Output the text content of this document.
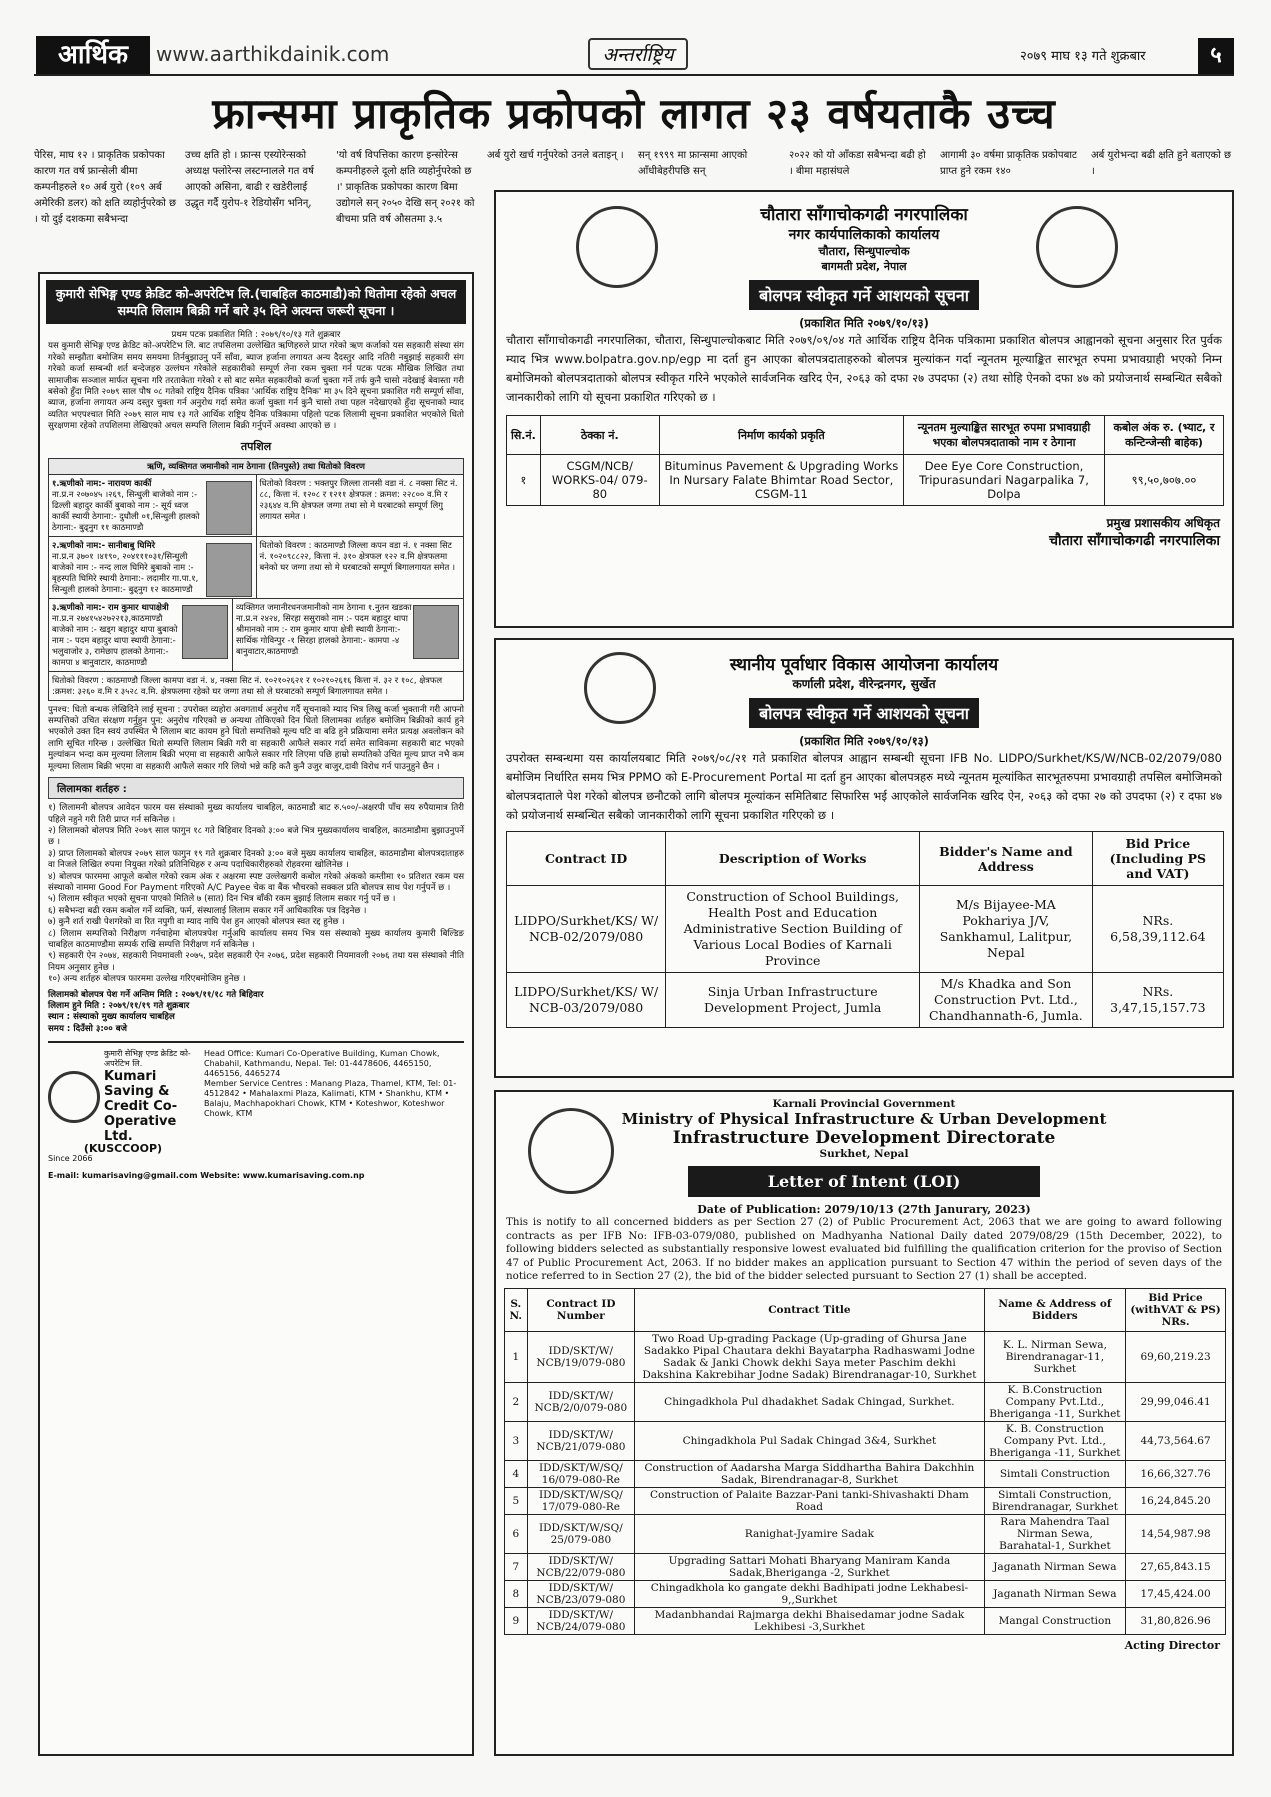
आर्थिक	www.aarthikdainik.com	अन्तर्राष्ट्रिय	२०७९ माघ १३ गते शुक्रबार	५
फ्रान्समा प्राकृतिक प्रकोपको लागत २३ वर्षयताकै उच्च
पेरिस, माघ १२ । प्राकृतिक प्रकोपका कारण गत वर्ष फ्रान्सेली बीमा कम्पनीहरुले १० अर्ब युरो (१०९ अर्ब अमेरिकी डलर) को क्षति व्यहोर्नुपरेको छ । यो दुई दशकमा सबैभन्दा
उच्च क्षति हो । फ्रान्स एस्योरेन्सको अध्यक्ष फ्लोरेन्स लस्टग्नालले गत वर्ष आएको असिना, बाढी र खडेरीलाई उद्धृत गर्दै युरोप-१ रेडियोसँग भनिन्,
'यो वर्ष विपत्तिका कारण इन्सोरेन्स कम्पनीहरुले दूलो क्षति व्यहोर्नुपरेको छ ।' प्राकृतिक प्रकोपका कारण बिमा उद्योगले सन् २०५० देखि सन् २०२१ को बीचमा प्रति वर्ष औसतमा ३.५
अर्ब युरो खर्च गर्नुपरेको उनले बताइन् ।	सन् १९९९ मा फ्रान्समा आएको आँधीबेहरीपछि सन्
२०२२ को यो आँकडा सबैभन्दा बढी हो । बीमा महासंघले
आगामी ३० वर्षमा प्राकृतिक प्रकोपबाट प्राप्त हुने रकम १४०
अर्ब युरोभन्दा बढी क्षति हुने बताएको छ ।
कुमारी सेभिङ्ग एण्ड क्रेडिट को-अपरेटिभ लि.(चाबहिल काठमाडौ)को धितोमा रहेको अचल सम्पति लिलाम बिक्री गर्ने बारे ३५ दिने अत्यन्त जरूरी सूचना ।
प्रथम पटक प्रकाशित मिति : २०७९/१०/१३ गते शुक्रबार
यस कुमारी सेभिङ्ग एण्ड क्रेडिट को-अपरेटिभ लि. बाट तपसिलमा उल्लेखित ऋणिहरुले प्राप्त गरेको ऋण कर्जाको यस सहकारी संस्था संग गरेको सम्झौता बमोजिम समय समयमा तिर्नबुझाउनु पर्ने साँवा, ब्याज हर्जाना लगायत अन्य दैदस्तुर आदि नतिरी नबुझाई सहकारी संग गरेको कर्जा सम्बन्धी शर्त बन्देजहरु उल्लंघन गरेकोले सहकारीको सम्पूर्ण लेना रकम चुक्ता गर्न पटक पटक मौखिक लिखित तथा सामाजीक सञ्जाल मार्फत सूचना गरि तरताकेता गरेको र सो बाट समेत सहकारीको कर्जा चुक्ता गर्ने तर्फ कुनै चासो नदेखाई बेवास्ता गरी बसेको हुँदा मिति २०७९ साल पौष ०८ गतेको राष्ट्रिय दैनिक पत्रिका 'आर्थिक राष्ट्रिय दैनिक' मा ३५ दिने सूचना प्रकाशित गरी सम्पूर्ण सॉवा, ब्याज, हर्जाना लगायत अन्य दस्तुर चुक्ता गर्न अनुरोध गर्दा समेत कर्जा चुक्ता गर्न कुनै चासो तथा पहल नदेखाएको हुँदा सूचनाको म्याद व्यतित भएपश्चात मिति २०७९ साल माघ १३ गते आर्थिक राष्ट्रिय दैनिक पत्रिकामा पहिलो पटक लिलामी सूचना प्रकाशित भएकोले धितो सुरक्षणमा रहेको तपशिलमा लेखिएको अचल सम्पत्ति लिलाम बिक्री गर्नुपर्ने अवस्था आएको छ ।
तपशिल
ऋणि, व्यक्तिगत जमानीको नाम ठेगाना (तिनपुस्ते) तथा धितोको विवरण
१.ऋणीको नाम:- नारायण कार्की
ना.प्र.न २०७०४५ ।२६९, सिन्धुली बाजेको नाम :- ढिल्ली बहादुर कार्की बुबाको नाम :- सूर्य ध्वज कार्की स्थायी ठेगाना:- दुधौली ०१,सिन्धुली हालको ठेगाना:- बुढ्नुग ११ काठमाण्डौ
धितोको विवरण : भक्तपुर जिल्ला तानसी वडा नं. ८ नक्सा सिट नं. ८८, कित्ता नं. १२०८ र १२११ क्षेत्रफल : क्रमश: २२८०० व.मि र २३६४४ व.मि क्षेत्रफल जग्गा तथा सो मे घरबाटको सम्पूर्ण लिगु लगायत समेत ।
२.ऋणीको नाम:- सानीबाबु घिमिरे
ना.प्र.न ३७०१ ।४१९०, २०४१११०३१/सिन्धुली बाजेको नाम :- नन्द लाल घिमिरे बुबाको नाम :- बृहस्पति घिमिरे स्थायी ठेगाना:- लदामीर गा.पा.१, सिन्धुली हालको ठेगाना:- बुढ्नुग १२ काठमाण्डौ
धितोको विवरण : काठमाण्डौ जिल्ला कपन वडा नं. १ नक्सा सिट नं. १०२०९८८२२, कित्ता नं. ३१० क्षेत्रफल १२२ व.मि क्षेत्रफलमा बनेको घर जग्गा तथा सो मे घरबाटको सम्पूर्ण बिगालगायत समेत ।
३.ऋणीको नाम:- राम कुमार थापाक्षेत्री
ना.प्र.न २७४१५४२७२२१३,काठमाण्डौ बाजेको नाम :- खड्ग बहादुर थापा बुबाको नाम :- पदम बहादुर थापा स्थायी ठेगाना:- भलुवाजोर ३, रामेछाप हालको ठेगाना:- कामपा ४ बानुवाटार, काठमाण्डौ
व्यक्तिगत जमानीरधनजमानीको नाम ठेगाना १.नुतन खडका ना.प्र.न २४२४, सिरहा ससुराको नाम :- पदम बहादुर थापा श्रीमानको नाम :- राम कुमार थापा क्षेत्री स्थायी ठेगाना:- सार्थिक गोविन्पुर -१ सिरहा हालको ठेगाना:- कामपा -४ बानुवाटार,काठमाण्डौ
धितोको विवरण : काठमाण्डौ जिल्ला कामपा वडा नं. ४, नक्सा सिट नं. १०२१०२६२१ र १०२१०२६१६ कित्ता नं. ३२ र १०८, क्षेत्रफल :क्रमश: ३२६० व.मि र ३५२८ व.मि. क्षेत्रफलमा रहेको घर जग्गा तथा सो ले घरबाटको सम्पूर्ण बिगालगायत समेत ।
पुनश्च: धितो बन्धक लेखिदिने लाई सूचना : उपरोक्त व्यहोरा अवगतार्थ अनुरोध गर्दै सूचनाको म्याद भित्र लिखु कर्जा भुक्तानी गरी आफ्नो सम्पत्तिको उचित संरक्षण गर्नुहुन पुन: अनुरोध गरिएको छ अन्यथा तोकिएको दिन धितो लिलामका शर्तहरु बमोजिम बिक्रीको कार्य हुने भएकोले उक्त दिन स्वयं उपस्थित भै लिलाम बाट कायम हुने धितो सम्पत्तिको मूल्य घटि वा बढि हुने प्रक्रियामा समेत प्रत्यक्ष अवलोकन को लागि सूचित गरिन्छ । उल्लेखित धितो सम्पत्ति लिलाम बिक्री गरी वा सहकारी आफैले सकार गर्दा समेत साविकमा सहकारी बाट भएको मुल्यांकन भन्दा कम मुल्यमा लिलाम बिक्री भएमा वा सहकारी आफैले सकार गरि लिएमा पछि हाम्रो सम्पतिको उचित मूल्य प्राप्त नभै कम मूल्यमा लिलाम बिक्री भएमा वा सहकारी आफैले सकार गरि लियो भन्ने कहि कतै कुनै उजुर बाजुर,दावी विरोध गर्न पाउनुहुने छैन ।
लिलामका शर्तहरु :
१) लिलामनी बोलपत्र आवेदन फारम यस संस्थाको मुख्य कार्यालय चाबहिल, काठमाडौ बाट रु.५००/-अक्षरपी पाँच सय रुपैयामात्र तिरी पहिले नहुने गरी तिरी प्राप्त गर्न सकिनेछ ।
२) लिलामको बोलपत्र मिति २०७९ साल फागुन १८ गते बिहिवार दिनको ३:०० बजे भित्र मुख्यकार्यालय चाबहिल, काठमाडौमा बुझाउनुपर्ने छ ।
३) प्राप्त लिलामको बोलपत्र २०७९ साल फागुन १९ गते शुक्रबार दिनको ३:०० बजे मुख्य कार्यालय चाबहिल, काठमाडौमा बोलपत्रदाताहरु वा निजले लिखित रुपमा नियुक्त गरेको प्रतिनिधिहरु र अन्य पदाधिकारीहरुको रोहवरमा खोलिनेछ ।
४) बोलपत्र फारममा आफूले कबोल गरेको रकम अंक र अक्षरमा स्पष्ट उल्लेखगरी कबोल गरेको अंकको कम्तीमा १० प्रतिशत रकम यस संस्थाको नाममा Good For Payment गरिएको A/C Payee चेक वा बैंक भौचरको सक्कल प्रति बोलपत्र साथ पेश गर्नुपर्ने छ ।
५) लिलाम स्वीकृत भएको सूचना पाएको मितिले ७ (सात) दिन भित्र बाँकी रकम बुझाई लिलाम सकार गर्नु पर्ने छ ।
६) सबैभन्दा बढी रकम कबोल गर्ने व्यक्ति, फर्म, संस्थालाई लिलाम सकार गर्ने आधिकारिक पत्र दिइनेछ ।
७) कुनै शर्त राखी पेशगरेको वा रित नपुगी वा म्याद नाघि पेश हुन आएको बोलपत्र स्वत रद्द हुनेछ ।
८) लिलाम सम्पत्तिको निरीक्षण गर्नचाहेमा बोलपत्रपेश गर्नुअघि कार्यालय समय भित्र यस संस्थाको मुख्य कार्यालय कुमारी बिल्डिङ चाबहिल काठमाण्डौमा सम्पर्क राखि सम्पत्ति निरीक्षण गर्न सकिनेछ ।
९) सहकारी ऐन २०७४, सहकारी नियमावली २०७५, प्रदेश सहकारी ऐन २०७६, प्रदेश सहकारी नियमावली २०७६ तथा यस संस्थाको नीति नियम अनुसार हुनेछ ।
१०) अन्य शर्तहरु बोलपत्र फारममा उल्लेख गरिएबमोजिम हुनेछ ।
लिलामको बोलपत्र पेश गर्ने अन्तिम मिति : २०७९/११/१८ गते बिहिवार
लिलाम हुने मिति : २०७९/११/१९ गते शुक्रबार
स्थान : संस्थाको मुख्य कार्यालय चाबहिल
समय : दिउँसो ३:०० बजे
कुमारी सेभिङ्ग एण्ड क्रेडिट को-अपरेटिभ लि.
Kumari Saving & Credit Co-Operative Ltd.
(KUSCCOOP)
Since 2066
Head Office: Kumari Co-Operative Building, Kuman Chowk, Chabahil, Kathmandu, Nepal. Tel: 01-4478606, 4465150, 4465156, 4465274
Member Service Centres : Manang Plaza, Thamel, KTM, Tel: 01-4512842 • Mahalaxmi Plaza, Kalimati, KTM • Shankhu, KTM • Balaju, Machhapokhari Chowk, KTM • Koteshwor, Koteshwor Chowk, KTM
E-mail: kumarisaving@gmail.com Website: www.kumarisaving.com.np
चौतारा साँगाचोकगढी नगरपालिका
नगर कार्यपालिकाको कार्यालय
चौतारा, सिन्धुपाल्चोक
बागमती प्रदेश, नेपाल
बोलपत्र स्वीकृत गर्ने आशयको सूचना
(प्रकाशित मिति २०७९/१०/१३)
चौतारा साँगाचोकगढी नगरपालिका, चौतारा, सिन्धुपाल्चोकबाट मिति २०७९/०९/०४ गते आर्थिक राष्ट्रिय दैनिक पत्रिकामा प्रकाशित बोलपत्र आह्वानको सूचना अनुसार रित पुर्वक म्याद भित्र www.bolpatra.gov.np/egp मा दर्ता हुन आएका बोलपत्रदाताहरुको बोलपत्र मुल्यांकन गर्दा न्यूनतम मूल्याङ्कित सारभूत रुपमा प्रभावग्राही भएको निम्न बमोजिमको बोलपत्रदाताको बोलपत्र स्वीकृत गरिने भएकोले सार्वजनिक खरिद ऐन, २०६३ को दफा २७ उपदफा (२) तथा सोहि ऐनको दफा ४७ को प्रयोजनार्थ सम्बन्धित सबैको जानकारीको लागि यो सूचना प्रकाशित गरिएको छ ।
सि.नं.	ठेक्का नं.	निर्माण कार्यको प्रकृति	न्यूनतम मुल्याङ्कित सारभूत रुपमा प्रभावग्राही भएका बोलपत्रदाताको नाम र ठेगाना	कबोल अंक रु. (भ्याट, र कन्टिन्जेन्सी बाहेक)
१	CSGM/NCB/ WORKS-04/ 079-80	Bituminus Pavement & Upgrading Works In Nursary Falate Bhimtar Road Sector, CSGM-11	Dee Eye Core Construction, Tripurasundari Nagarpalika 7, Dolpa	९९,५०,७०७.००
प्रमुख प्रशासकीय अधिकृत
चौतारा साँगाचोकगढी नगरपालिका
स्थानीय पूर्वाधार विकास आयोजना कार्यालय
कर्णाली प्रदेश, वीरेन्द्रनगर, सुर्खेत
बोलपत्र स्वीकृत गर्ने आशयको सूचना
(प्रकाशित मिति २०७९/१०/१३)
उपरोक्त सम्बन्धमा यस कार्यालयबाट मिति २०७९/०८/२१ गते प्रकाशित बोलपत्र आह्वान सम्बन्धी सूचना IFB No. LIDPO/Surkhet/KS/W/NCB-02/2079/080 बमोजिम निर्धारित समय भित्र PPMO को E-Procurement Portal मा दर्ता हुन आएका बोलपत्रहरु मध्ये न्यूनतम मूल्यांकित सारभूतरुपमा प्रभावग्राही तपसिल बमोजिमको बोलपत्रदाताले पेश गरेको बोलपत्र छनौटको लागि बोलपत्र मूल्यांकन समितिबाट सिफारिस भई आएकोले सार्वजनिक खरिद ऐन, २०६३ को दफा २७ को उपदफा (२) र दफा ४७ को प्रयोजनार्थ सम्बन्धित सबैको जानकारीको लागि सूचना प्रकाशित गरिएको छ ।
Contract ID	Description of Works	Bidder's Name and Address	Bid Price (Including PS and VAT)
LIDPO/Surkhet/KS/ W/ NCB-02/2079/080	Construction of School Buildings, Health Post and Education Administrative Section Building of Various Local Bodies of Karnali Province	M/s Bijayee-MA Pokhariya J/V, Sankhamul, Lalitpur, Nepal	NRs. 6,58,39,112.64
LIDPO/Surkhet/KS/ W/ NCB-03/2079/080	Sinja Urban Infrastructure Development Project, Jumla	M/s Khadka and Son Construction Pvt. Ltd., Chandhannath-6, Jumla.	NRs. 3,47,15,157.73
Karnali Provincial Government
Ministry of Physical Infrastructure & Urban Development
Infrastructure Development Directorate
Surkhet, Nepal
Letter of Intent (LOI)
Date of Publication: 2079/10/13 (27th Janurary, 2023)
This is notify to all concerned bidders as per Section 27 (2) of Public Procurement Act, 2063 that we are going to award following contracts as per IFB No: IFB-03-079/080, published on Madhyanha National Daily dated 2079/08/29 (15th December, 2022), to following bidders selected as substantially responsive lowest evaluated bid fulfilling the qualification criterion for the proviso of Section 47 of Public Procurement Act, 2063. If no bidder makes an application pursuant to Section 47 within the period of seven days of the notice referred to in Section 27 (2), the bid of the bidder selected pursuant to Section 27 (1) shall be accepted.
S. N.	Contract ID Number	Contract Title	Name & Address of Bidders	Bid Price (withVAT & PS) NRs.
1	IDD/SKT/W/ NCB/19/079-080	Two Road Up-grading Package (Up-grading of Ghursa Jane Sadakko Pipal Chautara dekhi Bayatarpha Radhaswami Jodne Sadak & Janki Chowk dekhi Saya meter Paschim dekhi Dakshina Kakrebihar Jodne Sadak) Birendranagar-10, Surkhet	K. L. Nirman Sewa, Birendranagar-11, Surkhet	69,60,219.23
2	IDD/SKT/W/ NCB/2/0/079-080	Chingadkhola Pul dhadakhet Sadak Chingad, Surkhet.	K. B.Construction Company Pvt.Ltd., Bheriganga -11, Surkhet	29,99,046.41
3	IDD/SKT/W/ NCB/21/079-080	Chingadkhola Pul Sadak Chingad 3&4, Surkhet	K. B. Construction Company Pvt. Ltd., Bheriganga -11, Surkhet	44,73,564.67
4	IDD/SKT/W/SQ/ 16/079-080-Re	Construction of Aadarsha Marga Siddhartha Bahira Dakchhin Sadak, Birendranagar-8, Surkhet	Simtali Construction	16,66,327.76
5	IDD/SKT/W/SQ/ 17/079-080-Re	Construction of Palaite Bazzar-Pani tanki-Shivashakti Dham Road	Simtali Construction, Birendranagar, Surkhet	16,24,845.20
6	IDD/SKT/W/SQ/ 25/079-080	Ranighat-Jyamire Sadak	Rara Mahendra Taal Nirman Sewa, Barahatal-1, Surkhet	14,54,987.98
7	IDD/SKT/W/ NCB/22/079-080	Upgrading Sattari Mohati Bharyang Maniram Kanda Sadak,Bheriganga -2, Surkhet	Jaganath Nirman Sewa	27,65,843.15
8	IDD/SKT/W/ NCB/23/079-080	Chingadkhola ko gangate dekhi Badhipati jodne Lekhabesi-9,,Surkhet	Jaganath Nirman Sewa	17,45,424.00
9	IDD/SKT/W/ NCB/24/079-080	Madanbhandai Rajmarga dekhi Bhaisedamar jodne Sadak Lekhibesi -3,Surkhet	Mangal Construction	31,80,826.96
Acting Director
